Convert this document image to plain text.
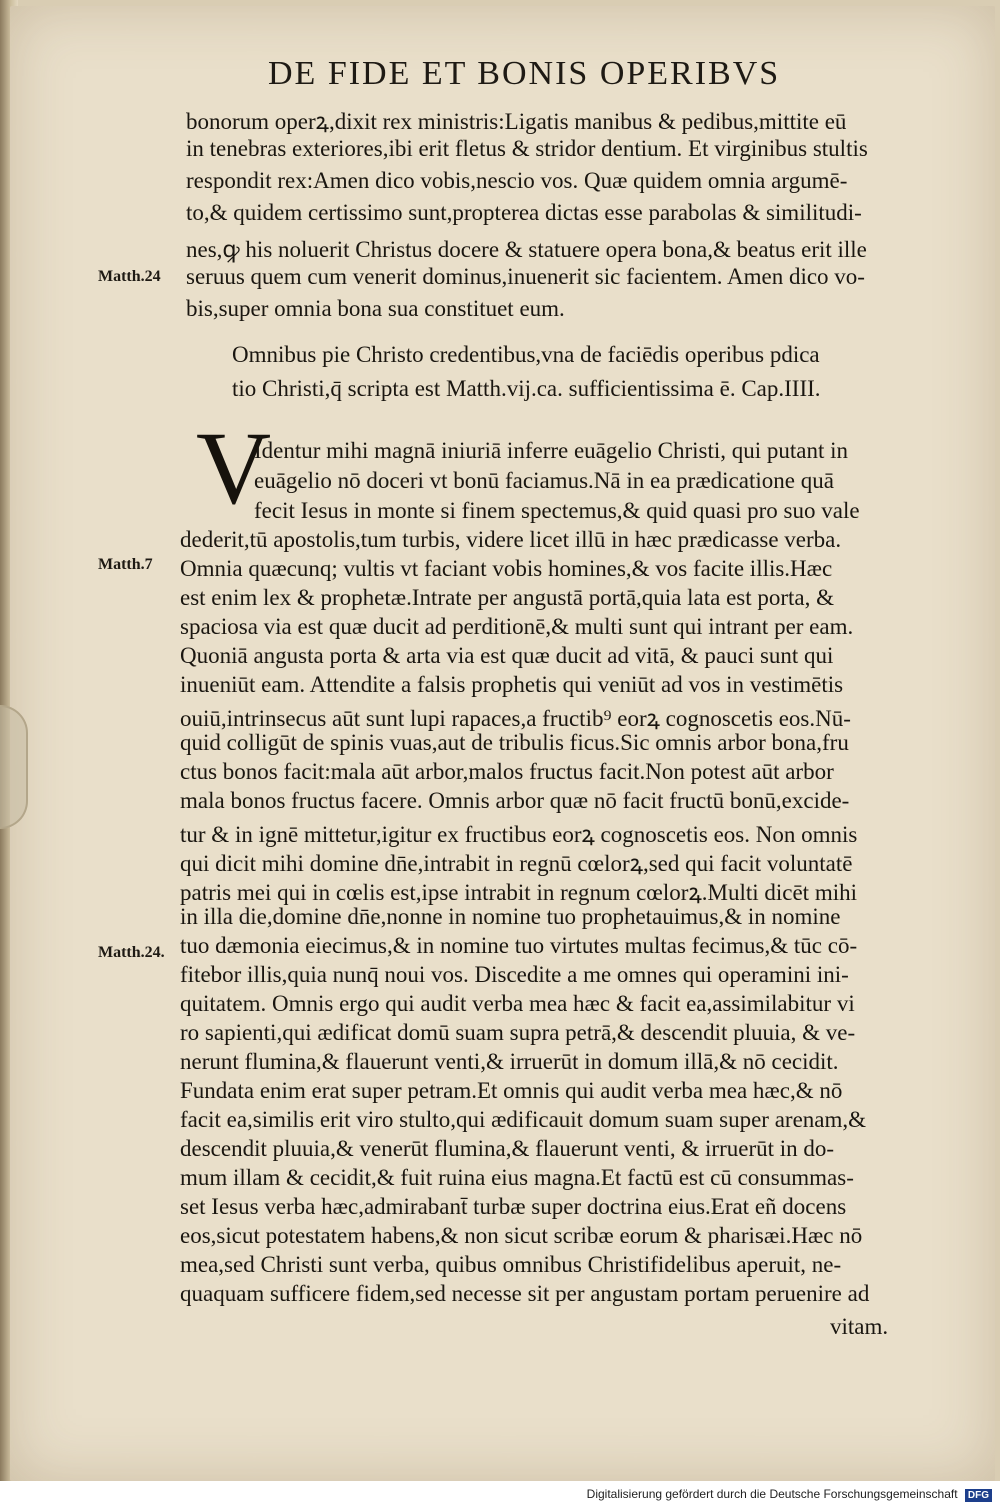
DE FIDE ET BONIS OPERIBVS
Matth.24
Matth.7
Matth.24.
bonorum operꝝ,dixit rex ministris:Ligatis manibus & pedibus,mittite eū
in tenebras exteriores,ibi erit fletus & stridor dentium. Et virginibus stultis
respondit rex:Amen dico vobis,nescio vos. Quæ quidem omnia argumē-
to,& quidem certissimo sunt,propterea dictas esse parabolas & similitudi-
nes,ꝙ his noluerit Christus docere & statuere opera bona,& beatus erit ille
seruus quem cum venerit dominus,inuenerit sic facientem. Amen dico vo-
bis,super omnia bona sua constituet eum.
Omnibus pie Christo credentibus,vna de faciēdis operibus pdica
tio Christi,q̄ scripta est Matth.vij.ca. sufficientissima ē. Cap.IIII.
V
Identur mihi magnā iniuriā inferre euāgelio Christi, qui putant in
euāgelio nō doceri vt bonū faciamus.Nā in ea prædicatione quā
fecit Iesus in monte si finem spectemus,& quid quasi pro suo vale
dederit,tū apostolis,tum turbis, videre licet illū in hæc prædicasse verba.
Omnia quæcunq; vultis vt faciant vobis homines,& vos facite illis.Hæc
est enim lex & prophetæ.Intrate per angustā portā,quia lata est porta, &
spaciosa via est quæ ducit ad perditionē,& multi sunt qui intrant per eam.
Quoniā angusta porta & arta via est quæ ducit ad vitā, & pauci sunt qui
inueniūt eam. Attendite a falsis prophetis qui veniūt ad vos in vestimētis
ouiū,intrinsecus aūt sunt lupi rapaces,a fructib⁹ eorꝝ cognoscetis eos.Nū-
quid colligūt de spinis vuas,aut de tribulis ficus.Sic omnis arbor bona,fru
ctus bonos facit:mala aūt arbor,malos fructus facit.Non potest aūt arbor
mala bonos fructus facere. Omnis arbor quæ nō facit fructū bonū,excide-
tur & in ignē mittetur,igitur ex fructibus eorꝝ cognoscetis eos. Non omnis
qui dicit mihi domine dn̄e,intrabit in regnū cœlorꝝ,sed qui facit voluntatē
patris mei qui in cœlis est,ipse intrabit in regnum cœlorꝝ.Multi dicēt mihi
in illa die,domine dn̄e,nonne in nomine tuo prophetauimus,& in nomine
tuo dæmonia eiecimus,& in nomine tuo virtutes multas fecimus,& tūc cō-
fitebor illis,quia nunq̄ noui vos. Discedite a me omnes qui operamini ini-
quitatem. Omnis ergo qui audit verba mea hæc & facit ea,assimilabitur vi
ro sapienti,qui ædificat domū suam supra petrā,& descendit pluuia, & ve-
nerunt flumina,& flauerunt venti,& irruerūt in domum illā,& nō cecidit.
Fundata enim erat super petram.Et omnis qui audit verba mea hæc,& nō
facit ea,similis erit viro stulto,qui ædificauit domum suam super arenam,&
descendit pluuia,& venerūt flumina,& flauerunt venti, & irruerūt in do-
mum illam & cecidit,& fuit ruina eius magna.Et factū est cū consummas-
set Iesus verba hæc,admirabant̄ turbæ super doctrina eius.Erat eñ docens
eos,sicut potestatem habens,& non sicut scribæ eorum & pharisæi.Hæc nō
mea,sed Christi sunt verba, quibus omnibus Christifidelibus aperuit, ne-
quaquam sufficere fidem,sed necesse sit per angustam portam peruenire ad
vitam.
Digitalisierung gefördert durch die Deutsche Forschungsgemeinschaft DFG
